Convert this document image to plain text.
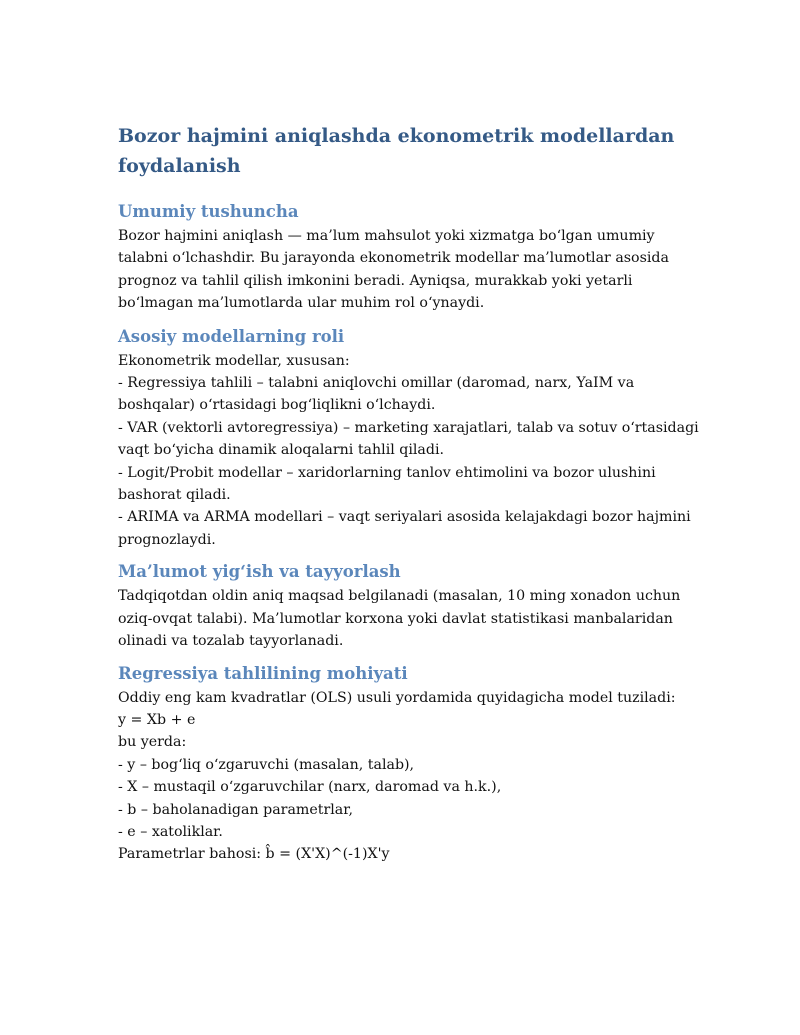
Bozor hajmini aniqlashda ekonometrik modellardan
foydalanish
Umumiy tushuncha
Bozor hajmini aniqlash — ma’lum mahsulot yoki xizmatga bo‘lgan umumiy
talabni o‘lchashdir. Bu jarayonda ekonometrik modellar ma’lumotlar asosida
prognoz va tahlil qilish imkonini beradi. Ayniqsa, murakkab yoki yetarli
bo‘lmagan ma’lumotlarda ular muhim rol o‘ynaydi.
Asosiy modellarning roli
Ekonometrik modellar, xususan:
- Regressiya tahlili – talabni aniqlovchi omillar (daromad, narx, YaIM va
boshqalar) o‘rtasidagi bog‘liqlikni o‘lchaydi.
- VAR (vektorli avtoregressiya) – marketing xarajatlari, talab va sotuv o‘rtasidagi
vaqt bo‘yicha dinamik aloqalarni tahlil qiladi.
- Logit/Probit modellar – xaridorlarning tanlov ehtimolini va bozor ulushini
bashorat qiladi.
- ARIMA va ARMA modellari – vaqt seriyalari asosida kelajakdagi bozor hajmini
prognozlaydi.
Ma’lumot yig‘ish va tayyorlash
Tadqiqotdan oldin aniq maqsad belgilanadi (masalan, 10 ming xonadon uchun
oziq-ovqat talabi). Ma’lumotlar korxona yoki davlat statistikasi manbalaridan
olinadi va tozalab tayyorlanadi.
Regressiya tahlilining mohiyati
Oddiy eng kam kvadratlar (OLS) usuli yordamida quyidagicha model tuziladi:
y = Xb + e
bu yerda:
- y – bog‘liq o‘zgaruvchi (masalan, talab),
- X – mustaqil o‘zgaruvchilar (narx, daromad va h.k.),
- b – baholanadigan parametrlar,
- e – xatoliklar.
Parametrlar bahosi: b̂ = (X'X)^(-1)X'y
